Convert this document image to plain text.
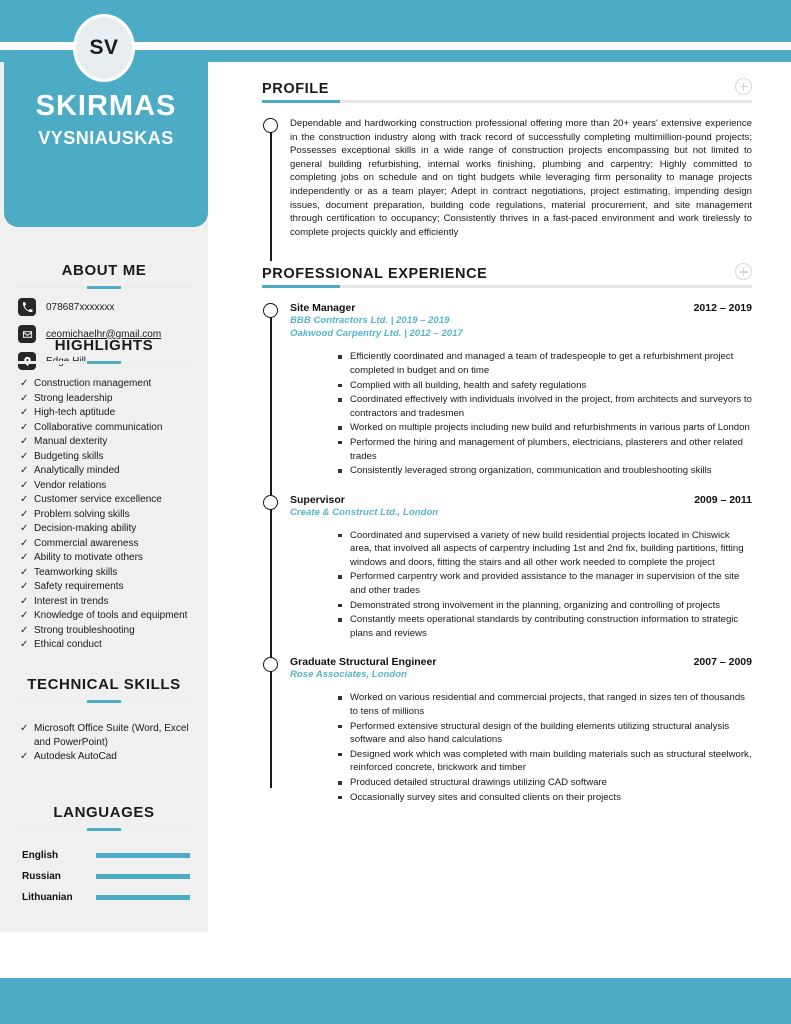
SV
SKIRMAS
VYSNIAUSKAS
ABOUT ME
078687xxxxxxx
ceomichaelhr@gmail.com
HIGHLIGHTS
✓ Construction management
✓ Strong leadership
✓ High-tech aptitude
✓ Collaborative communication
✓ Manual dexterity
✓ Budgeting skills
✓ Analytically minded
✓ Vendor relations
✓ Customer service excellence
✓ Problem solving skills
✓ Decision-making ability
✓ Commercial awareness
✓ Ability to motivate others
✓ Teamworking skills
✓ Safety requirements
✓ Interest in trends
✓ Knowledge of tools and equipment
✓ Strong troubleshooting
✓ Ethical conduct
TECHNICAL SKILLS
✓ Microsoft Office Suite (Word, Excel and PowerPoint)
✓ Autodesk AutoCad
LANGUAGES
English
Russian
Lithuanian
PROFILE
Dependable and hardworking construction professional offering more than 20+ years' extensive experience in the construction industry along with track record of successfully completing multimillion-pound projects; Possesses exceptional skills in a wide range of construction projects encompassing but not limited to general building refurbishing, internal works finishing, plumbing and carpentry; Highly committed to completing jobs on schedule and on tight budgets while leveraging firm personality to manage projects independently or as a team player; Adept in contract negotiations, project estimating, impending design issues, document preparation, building code regulations, material procurement, and site management through certification to occupancy; Consistently thrives in a fast-paced environment and work tirelessly to complete projects quickly and efficiently
PROFESSIONAL EXPERIENCE
Site Manager	2012 – 2019
BBB Contractors Ltd. | 2019 – 2019
Oakwood Carpentry Ltd. | 2012 – 2017
Efficiently coordinated and managed a team of tradespeople to get a refurbishment project completed in budget and on time
Complied with all building, health and safety regulations
Coordinated effectively with individuals involved in the project, from architects and surveyors to contractors and tradesmen
Worked on multiple projects including new build and refurbishments in various parts of London
Performed the hiring and management of plumbers, electricians, plasterers and other related trades
Consistently leveraged strong organization, communication and troubleshooting skills
Supervisor	2009 – 2011
Create & Construct Ltd., London
Coordinated and supervised a variety of new build residential projects located in Chiswick area, that involved all aspects of carpentry including 1st and 2nd fix, building partitions, fitting windows and doors, fitting the stairs and all other work needed to complete the project
Performed carpentry work and provided assistance to the manager in supervision of the site and other trades
Demonstrated strong involvement in the planning, organizing and controlling of projects
Constantly meets operational standards by contributing construction information to strategic plans and reviews
Graduate Structural Engineer	2007 – 2009
Rose Associates, London
Worked on various residential and commercial projects, that ranged in sizes ten of thousands to tens of millions
Performed extensive structural design of the building elements utilizing structural analysis software and also hand calculations
Designed work which was completed with main building materials such as structural steelwork, reinforced concrete, brickwork and timber
Produced detailed structural drawings utilizing CAD software
Occasionally survey sites and consulted clients on their projects
